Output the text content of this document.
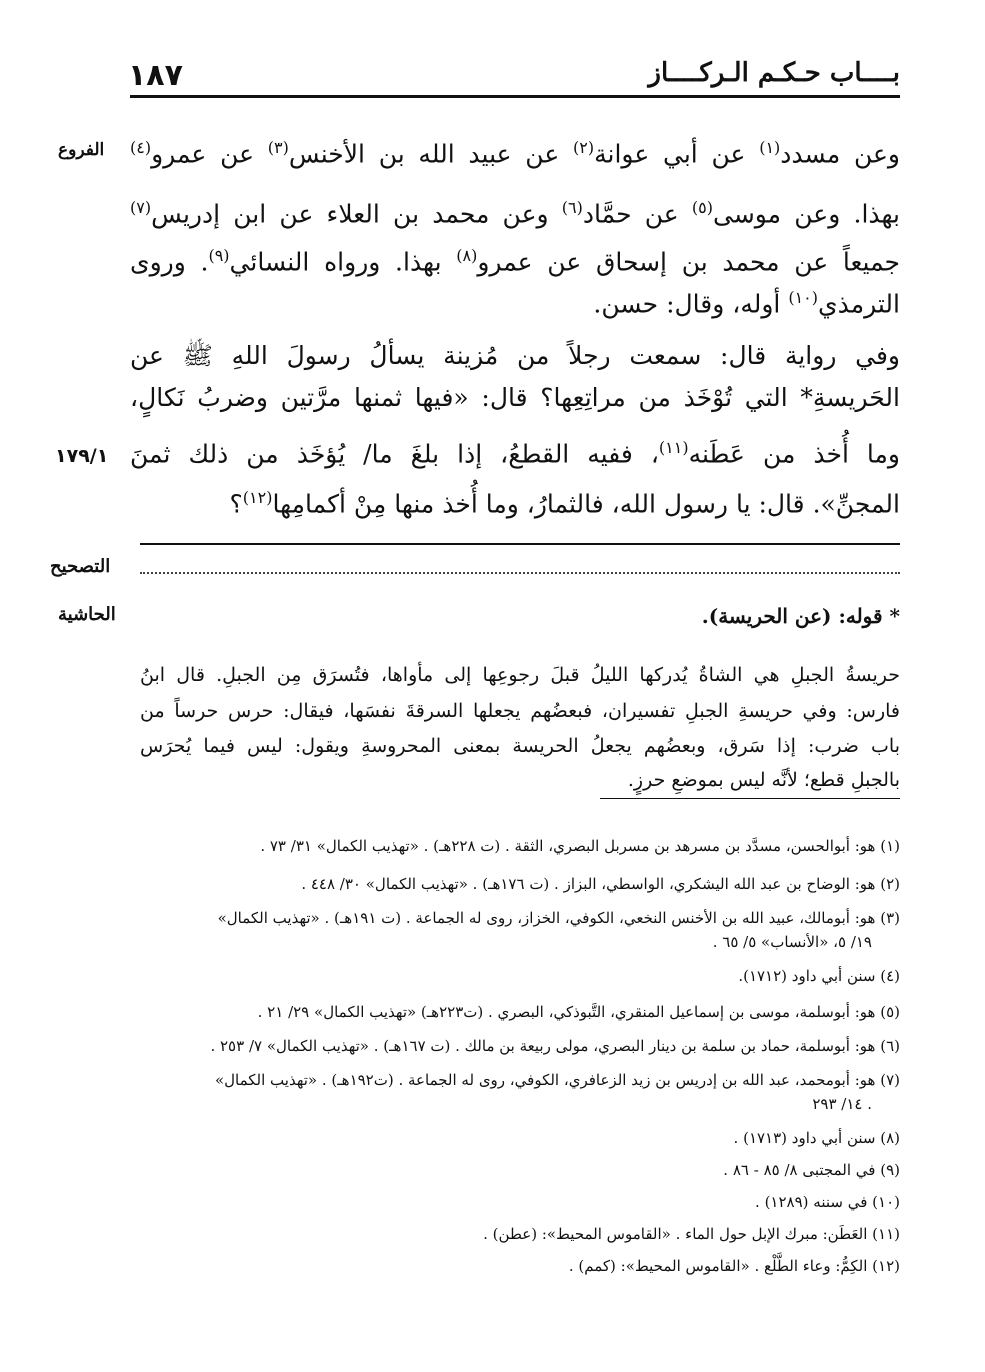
١٨٧	بــــاب حـكـم الـركــــاز
الفروع
١٧٩/١
التصحيح
الحاشية
وعن مسدد$^{(١)}$ عن أبي عوانة$^{(٢)}$ عن عبيد الله بن الأخنس$^{(٣)}$ عن عمرو$^{(٤)}$
بهذا. وعن موسى$^{(٥)}$ عن حمَّاد$^{(٦)}$ وعن محمد بن العلاء عن ابن إدريس$^{(٧)}$
جميعاً عن محمد بن إسحاق عن عمرو$^{(٨)}$ بهذا. ورواه النسائي$^{(٩)}$. وروى
الترمذي$^{(١٠)}$ أوله، وقال: حسن.
وفي رواية قال: سمعت رجلاً من مُزينة يسألُ رسولَ اللهِ ﷺ عن
الحَريسةِ* التي تُوْخَذ من مراتِعِها؟ قال: «فيها ثمنها مرَّتين وضربُ نَكالٍ،
وما أُخذ من عَطَنه$^{(١١)}$، ففيه القطعُ، إذا بلغَ ما/ يُؤخَذ من ذلك ثمنَ
المجنِّ». قال: يا رسول الله، فالثمارُ، وما أُخذ منها مِنْ أكمامِها$^{(١٢)}$؟
* قوله: (عن الحريسة).
حريسةُ الجبلِ هي الشاةُ يُدركها الليلُ قبلَ رجوعِها إلى مأواها، فتُسرَق مِن الجبلِ. قال ابنُ
فارس: وفي حريسةِ الجبلِ تفسيران، فبعضُهم يجعلها السرقةَ نفسَها، فيقال: حرس حرساً من
باب ضرب: إذا سَرق، وبعضُهم يجعلُ الحريسة بمعنى المحروسةِ ويقول: ليس فيما يُحرَس
بالجبلِ قطع؛ لأنَّه ليس بموضعِ حرزٍ.
(١) هو: أبوالحسن، مسدَّد بن مسرهد بن مسربل البصري، الثقة . (ت ٢٢٨هـ) . «تهذيب الكمال» ٣١/ ٧٣ .
(٢) هو: الوضاح بن عبد الله اليشكري، الواسطي، البزاز . (ت ١٧٦هـ) . «تهذيب الكمال» ٣٠/ ٤٤٨ .
(٣) هو: أبومالك، عبيد الله بن الأخنس النخعي، الكوفي، الخزاز، روى له الجماعة . (ت ١٩١هـ) . «تهذيب الكمال»
١٩/ ٥، «الأنساب» ٥/ ٦٥ .
(٤) سنن أبي داود (١٧١٢).
(٥) هو: أبوسلمة، موسى بن إسماعيل المنقري، التَّبوذكي، البصري . (ت٢٢٣هـ) «تهذيب الكمال» ٢٩/ ٢١ .
(٦) هو: أبوسلمة، حماد بن سلمة بن دينار البصري، مولى ربيعة بن مالك . (ت ١٦٧هـ) . «تهذيب الكمال» ٧/ ٢٥٣ .
(٧) هو: أبومحمد، عبد الله بن إدريس بن زيد الزعافري، الكوفي، روى له الجماعة . (ت١٩٢هـ) . «تهذيب الكمال»
١٤/ ٢٩٣ .
(٨) سنن أبي داود (١٧١٣) .
(٩) في المجتبى ٨/ ٨٥ - ٨٦ .
(١٠) في سننه (١٢٨٩) .
(١١) العَطَن: مبرك الإبل حول الماء . «القاموس المحيط»: (عطن) .
(١٢) الكِمُّ: وعاء الطَّلْع . «القاموس المحيط»: (كمم) .
